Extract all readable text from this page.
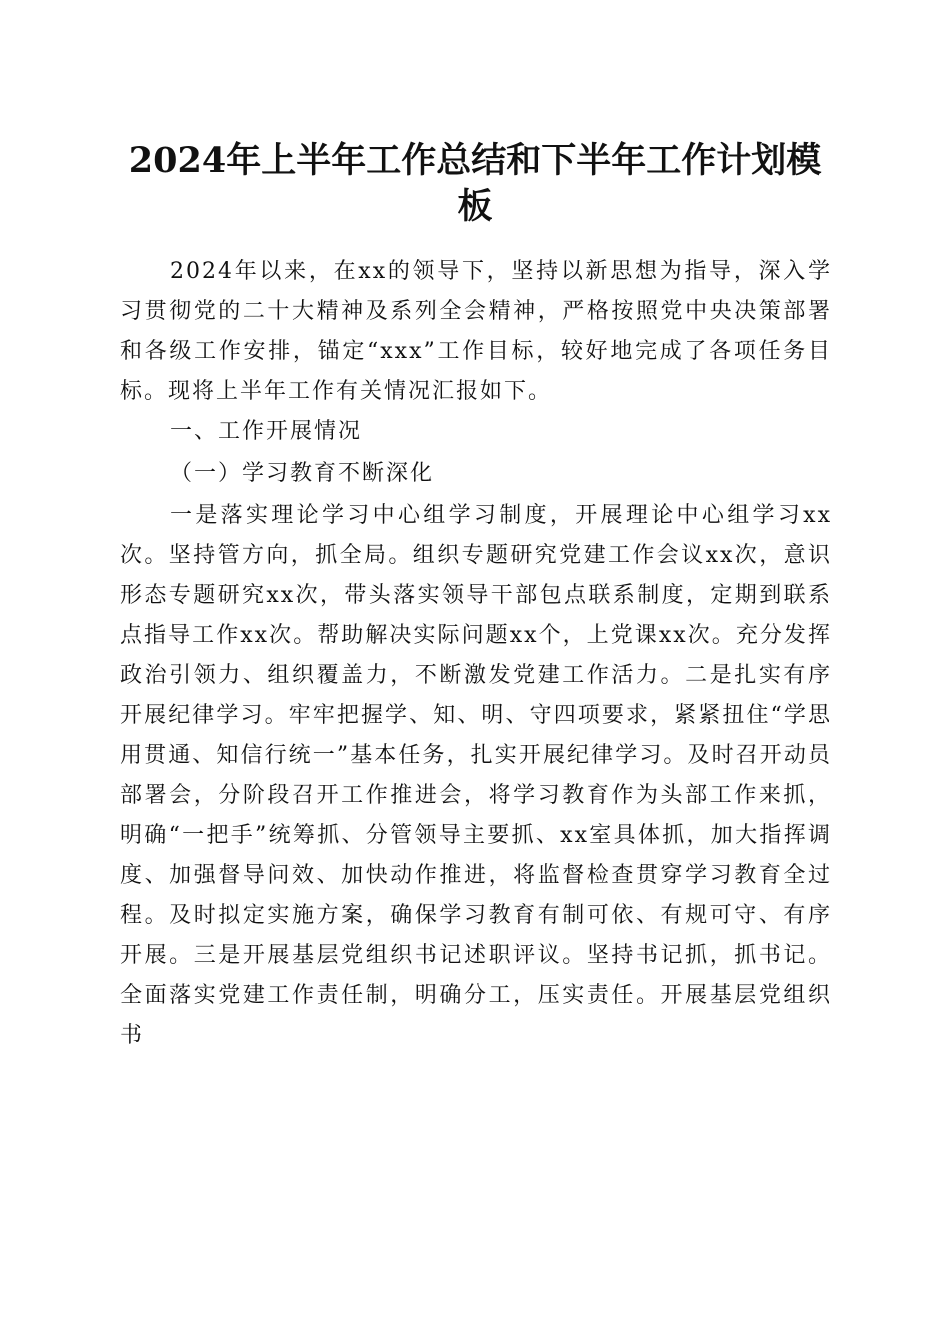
2024年上半年工作总结和下半年工作计划模板

2024年以来，在xx的领导下，坚持以新思想为指导，深入学习贯彻党的二十大精神及系列全会精神，严格按照党中央决策部署和各级工作安排，锚定“xxx”工作目标，较好地完成了各项任务目标。现将上半年工作有关情况汇报如下。

一、工作开展情况

（一）学习教育不断深化

一是落实理论学习中心组学习制度，开展理论中心组学习xx次。坚持管方向，抓全局。组织专题研究党建工作会议xx次，意识形态专题研究xx次，带头落实领导干部包点联系制度，定期到联系点指导工作xx次。帮助解决实际问题xx个，上党课xx次。充分发挥政治引领力、组织覆盖力，不断激发党建工作活力。二是扎实有序开展纪律学习。牢牢把握学、知、明、守四项要求，紧紧扭住“学思用贯通、知信行统一”基本任务，扎实开展纪律学习。及时召开动员部署会，分阶段召开工作推进会，将学习教育作为头部工作来抓，明确“一把手”统筹抓、分管领导主要抓、xx室具体抓，加大指挥调度、加强督导问效、加快动作推进，将监督检查贯穿学习教育全过程。及时拟定实施方案，确保学习教育有制可依、有规可守、有序开展。三是开展基层党组织书记述职评议。坚持书记抓，抓书记。全面落实党建工作责任制，明确分工，压实责任。开展基层党组织书
